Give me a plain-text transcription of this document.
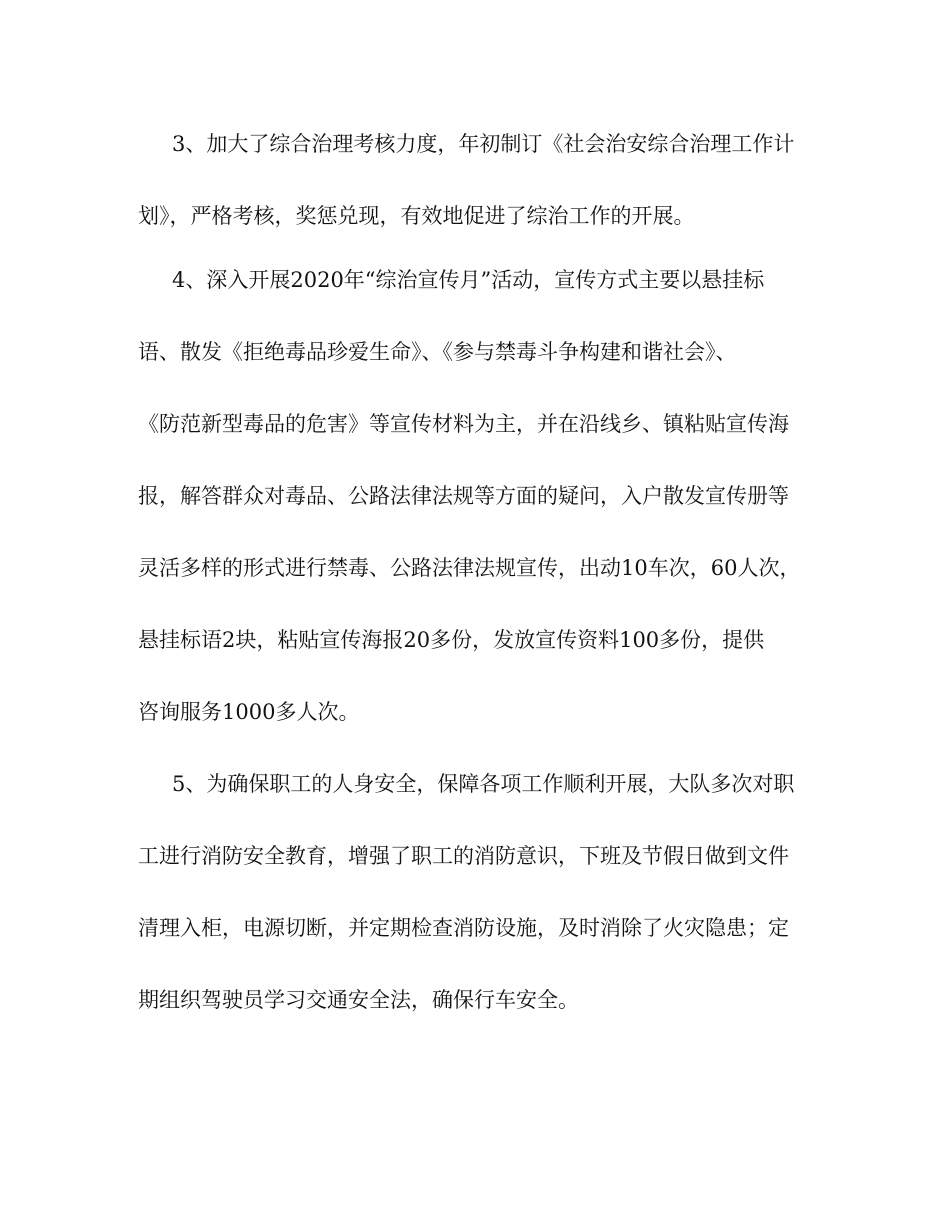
3、加大了综合治理考核力度，年初制订《社会治安综合治理工作计
划》，严格考核，奖惩兑现，有效地促进了综治工作的开展。
4、深入开展2020年“综治宣传月”活动，宣传方式主要以悬挂标
语、散发《拒绝毒品珍爱生命》、《参与禁毒斗争构建和谐社会》、
《防范新型毒品的危害》等宣传材料为主，并在沿线乡、镇粘贴宣传海
报，解答群众对毒品、公路法律法规等方面的疑问，入户散发宣传册等
灵活多样的形式进行禁毒、公路法律法规宣传，出动10车次，60人次，
悬挂标语2块，粘贴宣传海报20多份，发放宣传资料100多份，提供
咨询服务1000多人次。
5、为确保职工的人身安全，保障各项工作顺利开展，大队多次对职
工进行消防安全教育，增强了职工的消防意识，下班及节假日做到文件
清理入柜，电源切断，并定期检查消防设施，及时消除了火灾隐患；定
期组织驾驶员学习交通安全法，确保行车安全。
